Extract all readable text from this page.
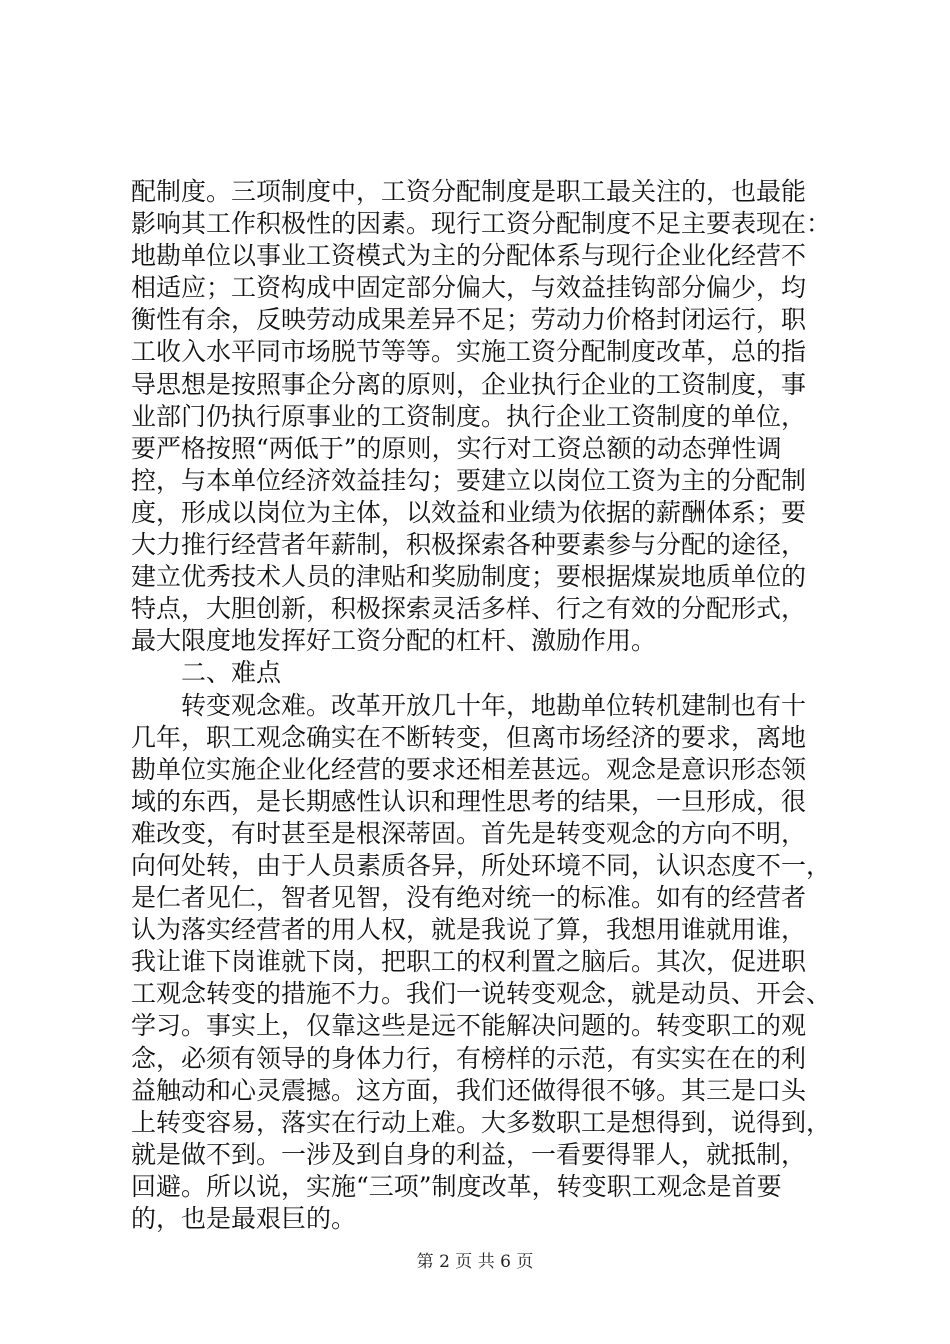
配制度。三项制度中，工资分配制度是职工最关注的，也最能
影响其工作积极性的因素。现行工资分配制度不足主要表现在：
地勘单位以事业工资模式为主的分配体系与现行企业化经营不
相适应；工资构成中固定部分偏大，与效益挂钩部分偏少，均
衡性有余，反映劳动成果差异不足；劳动力价格封闭运行，职
工收入水平同市场脱节等等。实施工资分配制度改革，总的指
导思想是按照事企分离的原则，企业执行企业的工资制度，事
业部门仍执行原事业的工资制度。执行企业工资制度的单位，
要严格按照“两低于”的原则，实行对工资总额的动态弹性调
控，与本单位经济效益挂勾；要建立以岗位工资为主的分配制
度，形成以岗位为主体，以效益和业绩为依据的薪酬体系；要
大力推行经营者年薪制，积极探索各种要素参与分配的途径，
建立优秀技术人员的津贴和奖励制度；要根据煤炭地质单位的
特点，大胆创新，积极探索灵活多样、行之有效的分配形式，
最大限度地发挥好工资分配的杠杆、激励作用。
二、难点
转变观念难。改革开放几十年，地勘单位转机建制也有十
几年，职工观念确实在不断转变，但离市场经济的要求，离地
勘单位实施企业化经营的要求还相差甚远。观念是意识形态领
域的东西，是长期感性认识和理性思考的结果，一旦形成，很
难改变，有时甚至是根深蒂固。首先是转变观念的方向不明，
向何处转，由于人员素质各异，所处环境不同，认识态度不一，
是仁者见仁，智者见智，没有绝对统一的标准。如有的经营者
认为落实经营者的用人权，就是我说了算，我想用谁就用谁，
我让谁下岗谁就下岗，把职工的权利置之脑后。其次，促进职
工观念转变的措施不力。我们一说转变观念，就是动员、开会、
学习。事实上，仅靠这些是远不能解决问题的。转变职工的观
念，必须有领导的身体力行，有榜样的示范，有实实在在的利
益触动和心灵震撼。这方面，我们还做得很不够。其三是口头
上转变容易，落实在行动上难。大多数职工是想得到，说得到，
就是做不到。一涉及到自身的利益，一看要得罪人，就抵制，
回避。所以说，实施“三项”制度改革，转变职工观念是首要
的，也是最艰巨的。
第 2 页 共 6 页
